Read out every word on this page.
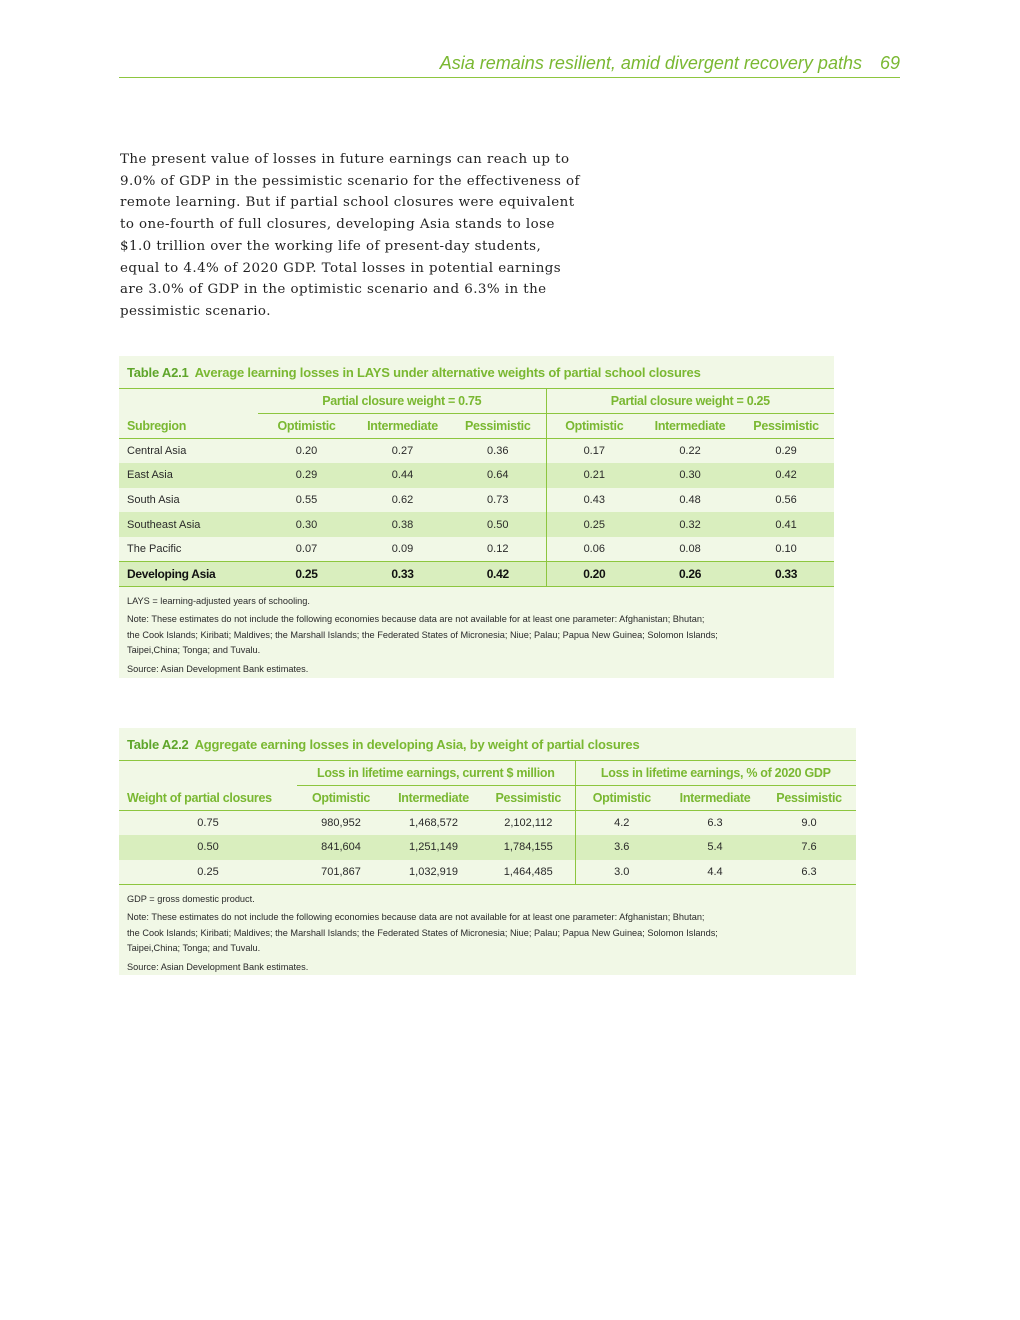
Asia remains resilient, amid divergent recovery paths 69
The present value of losses in future earnings can reach up to
9.0% of GDP in the pessimistic scenario for the effectiveness of
remote learning. But if partial school closures were equivalent
to one-fourth of full closures, developing Asia stands to lose
$1.0 trillion over the working life of present-day students,
equal to 4.4% of 2020 GDP. Total losses in potential earnings
are 3.0% of GDP in the optimistic scenario and 6.3% in the
pessimistic scenario.
Table A2.1 Average learning losses in LAYS under alternative weights of partial school closures
	Partial closure weight = 0.75			Partial closure weight = 0.25		
Subregion	Optimistic	Intermediate	Pessimistic	Optimistic	Intermediate	Pessimistic
Central Asia	0.20	0.27	0.36	0.17	0.22	0.29
East Asia	0.29	0.44	0.64	0.21	0.30	0.42
South Asia	0.55	0.62	0.73	0.43	0.48	0.56
Southeast Asia	0.30	0.38	0.50	0.25	0.32	0.41
The Pacific	0.07	0.09	0.12	0.06	0.08	0.10
Developing Asia	0.25	0.33	0.42	0.20	0.26	0.33

LAYS = learning-adjusted years of schooling.

Note: These estimates do not include the following economies because data are not available for at least one parameter: Afghanistan; Bhutan;
the Cook Islands; Kiribati; Maldives; the Marshall Islands; the Federated States of Micronesia; Niue; Palau; Papua New Guinea; Solomon Islands;
Taipei,China; Tonga; and Tuvalu.

Source: Asian Development Bank estimates.

Table A2.2 Aggregate earning losses in developing Asia, by weight of partial closures
	Loss in lifetime earnings, current $ million			Loss in lifetime earnings, % of 2020 GDP		
Weight of partial closures	Optimistic	Intermediate	Pessimistic	Optimistic	Intermediate	Pessimistic
0.75	980,952	1,468,572	2,102,112	4.2	6.3	9.0
0.50	841,604	1,251,149	1,784,155	3.6	5.4	7.6
0.25	701,867	1,032,919	1,464,485	3.0	4.4	6.3

GDP = gross domestic product.

Note: These estimates do not include the following economies because data are not available for at least one parameter: Afghanistan; Bhutan;
the Cook Islands; Kiribati; Maldives; the Marshall Islands; the Federated States of Micronesia; Niue; Palau; Papua New Guinea; Solomon Islands;
Taipei,China; Tonga; and Tuvalu.

Source: Asian Development Bank estimates.
